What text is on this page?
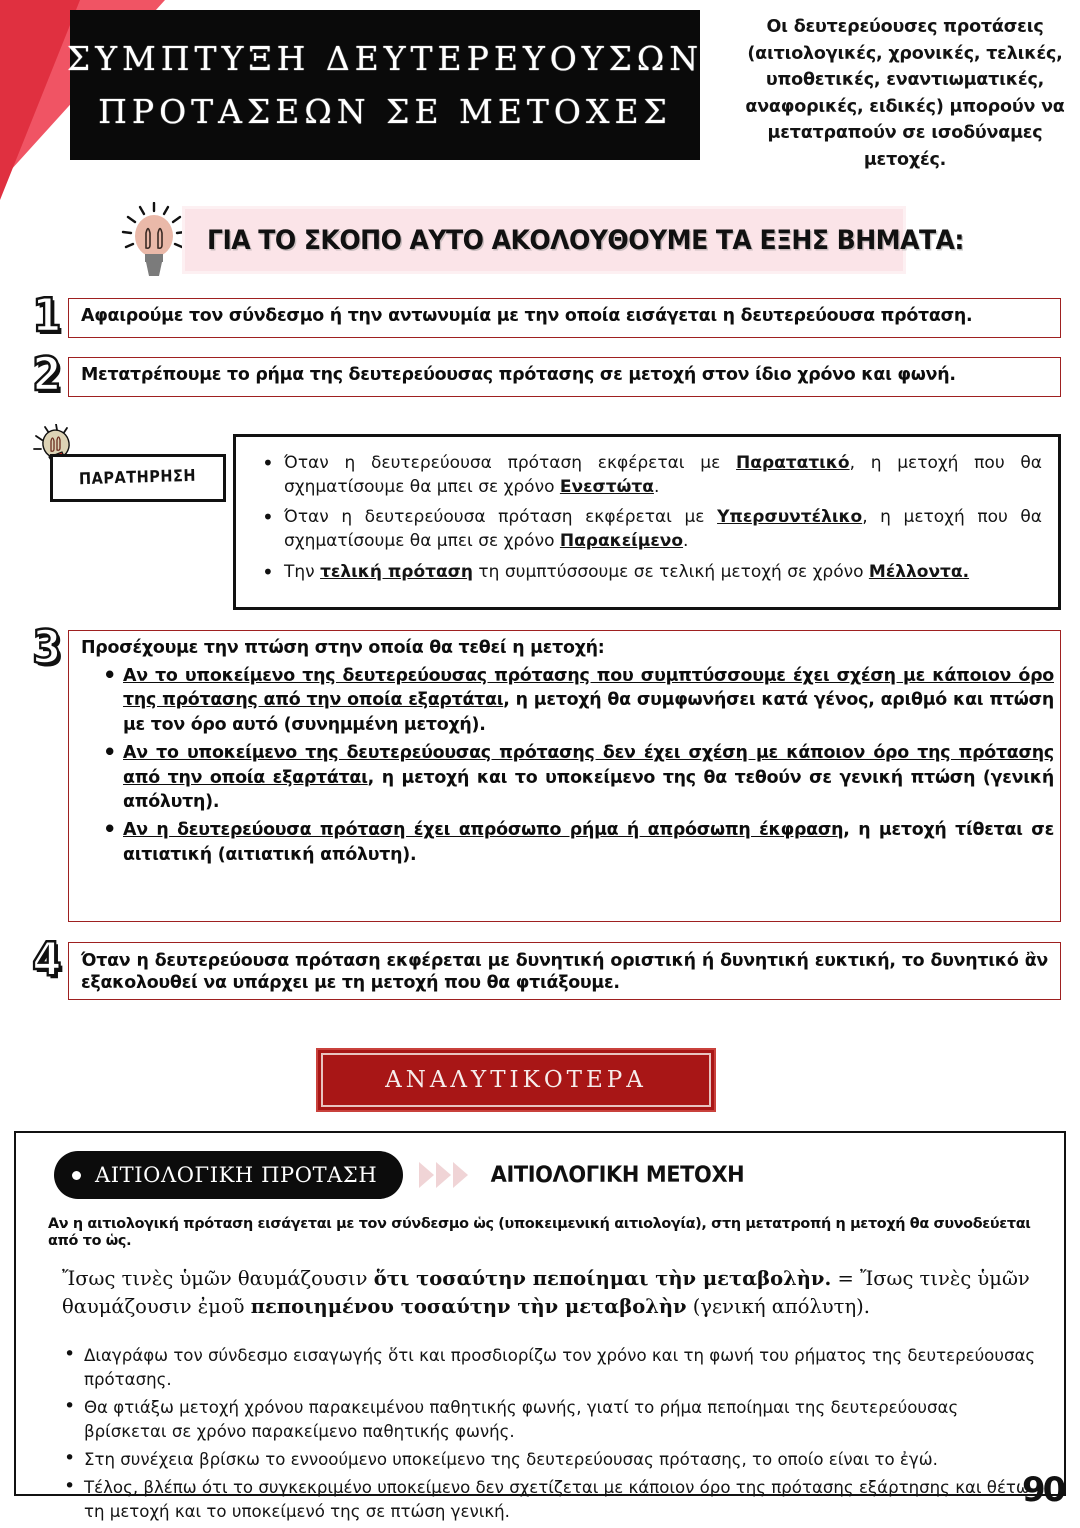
ΣΥΜΠΤΥΞΗ ΔΕΥΤΕΡΕΥΟΥΣΩΝ
ΠΡΟΤΑΣΕΩΝ ΣΕ ΜΕΤΟΧΕΣ
Οι δευτερεύουσες προτάσεις (αιτιολογικές, χρονικές, τελικές, υποθετικές, εναντιωματικές, αναφορικές, ειδικές) μπορούν να μετατραπούν σε ισοδύναμες μετοχές.
ΓΙΑ ΤΟ ΣΚΟΠΟ ΑΥΤΟ ΑΚΟΛΟΥΘΟΥΜΕ ΤΑ ΕΞΗΣ ΒΗΜΑΤΑ:
1	Αφαιρούμε τον σύνδεσμο ή την αντωνυμία με την οποία εισάγεται η δευτερεύουσα πρόταση.
2	Μετατρέπουμε το ρήμα της δευτερεύουσας πρότασης σε μετοχή στον ίδιο χρόνο και φωνή.
ΠΑΡΑΤΗΡΗΣΗ
• Όταν η δευτερεύουσα πρόταση εκφέρεται με Παρατατικό, η μετοχή που θα σχηματίσουμε θα μπει σε χρόνο Ενεστώτα.
• Όταν η δευτερεύουσα πρόταση εκφέρεται με Υπερσυντέλικο, η μετοχή που θα σχηματίσουμε θα μπει σε χρόνο Παρακείμενο.
• Την τελική πρόταση τη συμπτύσσουμε σε τελική μετοχή σε χρόνο Μέλλοντα.
3	Προσέχουμε την πτώση στην οποία θα τεθεί η μετοχή:
• Αν το υποκείμενο της δευτερεύουσας πρότασης που συμπτύσσουμε έχει σχέση με κάποιον όρο της πρότασης από την οποία εξαρτάται, η μετοχή θα συμφωνήσει κατά γένος, αριθμό και πτώση με τον όρο αυτό (συνημμένη μετοχή).
• Αν το υποκείμενο της δευτερεύουσας πρότασης δεν έχει σχέση με κάποιον όρο της πρότασης από την οποία εξαρτάται, η μετοχή και το υποκείμενο της θα τεθούν σε γενική πτώση (γενική απόλυτη).
• Αν η δευτερεύουσα πρόταση έχει απρόσωπο ρήμα ή απρόσωπη έκφραση, η μετοχή τίθεται σε αιτιατική (αιτιατική απόλυτη).
4	Όταν η δευτερεύουσα πρόταση εκφέρεται με δυνητική οριστική ή δυνητική ευκτική, το δυνητικό ἂν εξακολουθεί να υπάρχει με τη μετοχή που θα φτιάξουμε.
ΑΝΑΛΥΤΙΚΟΤΕΡΑ
ΑΙΤΙΟΛΟΓΙΚΗ ΠΡΟΤΑΣΗ	ΑΙΤΙΟΛΟΓΙΚΗ ΜΕΤΟΧΗ
Αν η αιτιολογική πρόταση εισάγεται με τον σύνδεσμο ὡς (υποκειμενική αιτιολογία), στη μετατροπή η μετοχή θα συνοδεύεται από το ὡς.
Ἴσως τινὲς ὑμῶν θαυμάζουσιν ὅτι τοσαύτην πεποίημαι τὴν μεταβολὴν. = Ἴσως τινὲς ὑμῶν θαυμάζουσιν ἐμοῦ πεποιημένου τοσαύτην τὴν μεταβολὴν (γενική απόλυτη).
• Διαγράφω τον σύνδεσμο εισαγωγής ὅτι και προσδιορίζω τον χρόνο και τη φωνή του ρήματος της δευτερεύουσας πρότασης.
• Θα φτιάξω μετοχή χρόνου παρακειμένου παθητικής φωνής, γιατί το ρήμα πεποίημαι της δευτερεύουσας βρίσκεται σε χρόνο παρακείμενο παθητικής φωνής.
• Στη συνέχεια βρίσκω το εννοούμενο υποκείμενο της δευτερεύουσας πρότασης, το οποίο είναι το ἐγώ.
• Τέλος, βλέπω ότι το συγκεκριμένο υποκείμενο δεν σχετίζεται με κάποιον όρο της πρότασης εξάρτησης και θέτω τη μετοχή και το υποκείμενό της σε πτώση γενική.
90
